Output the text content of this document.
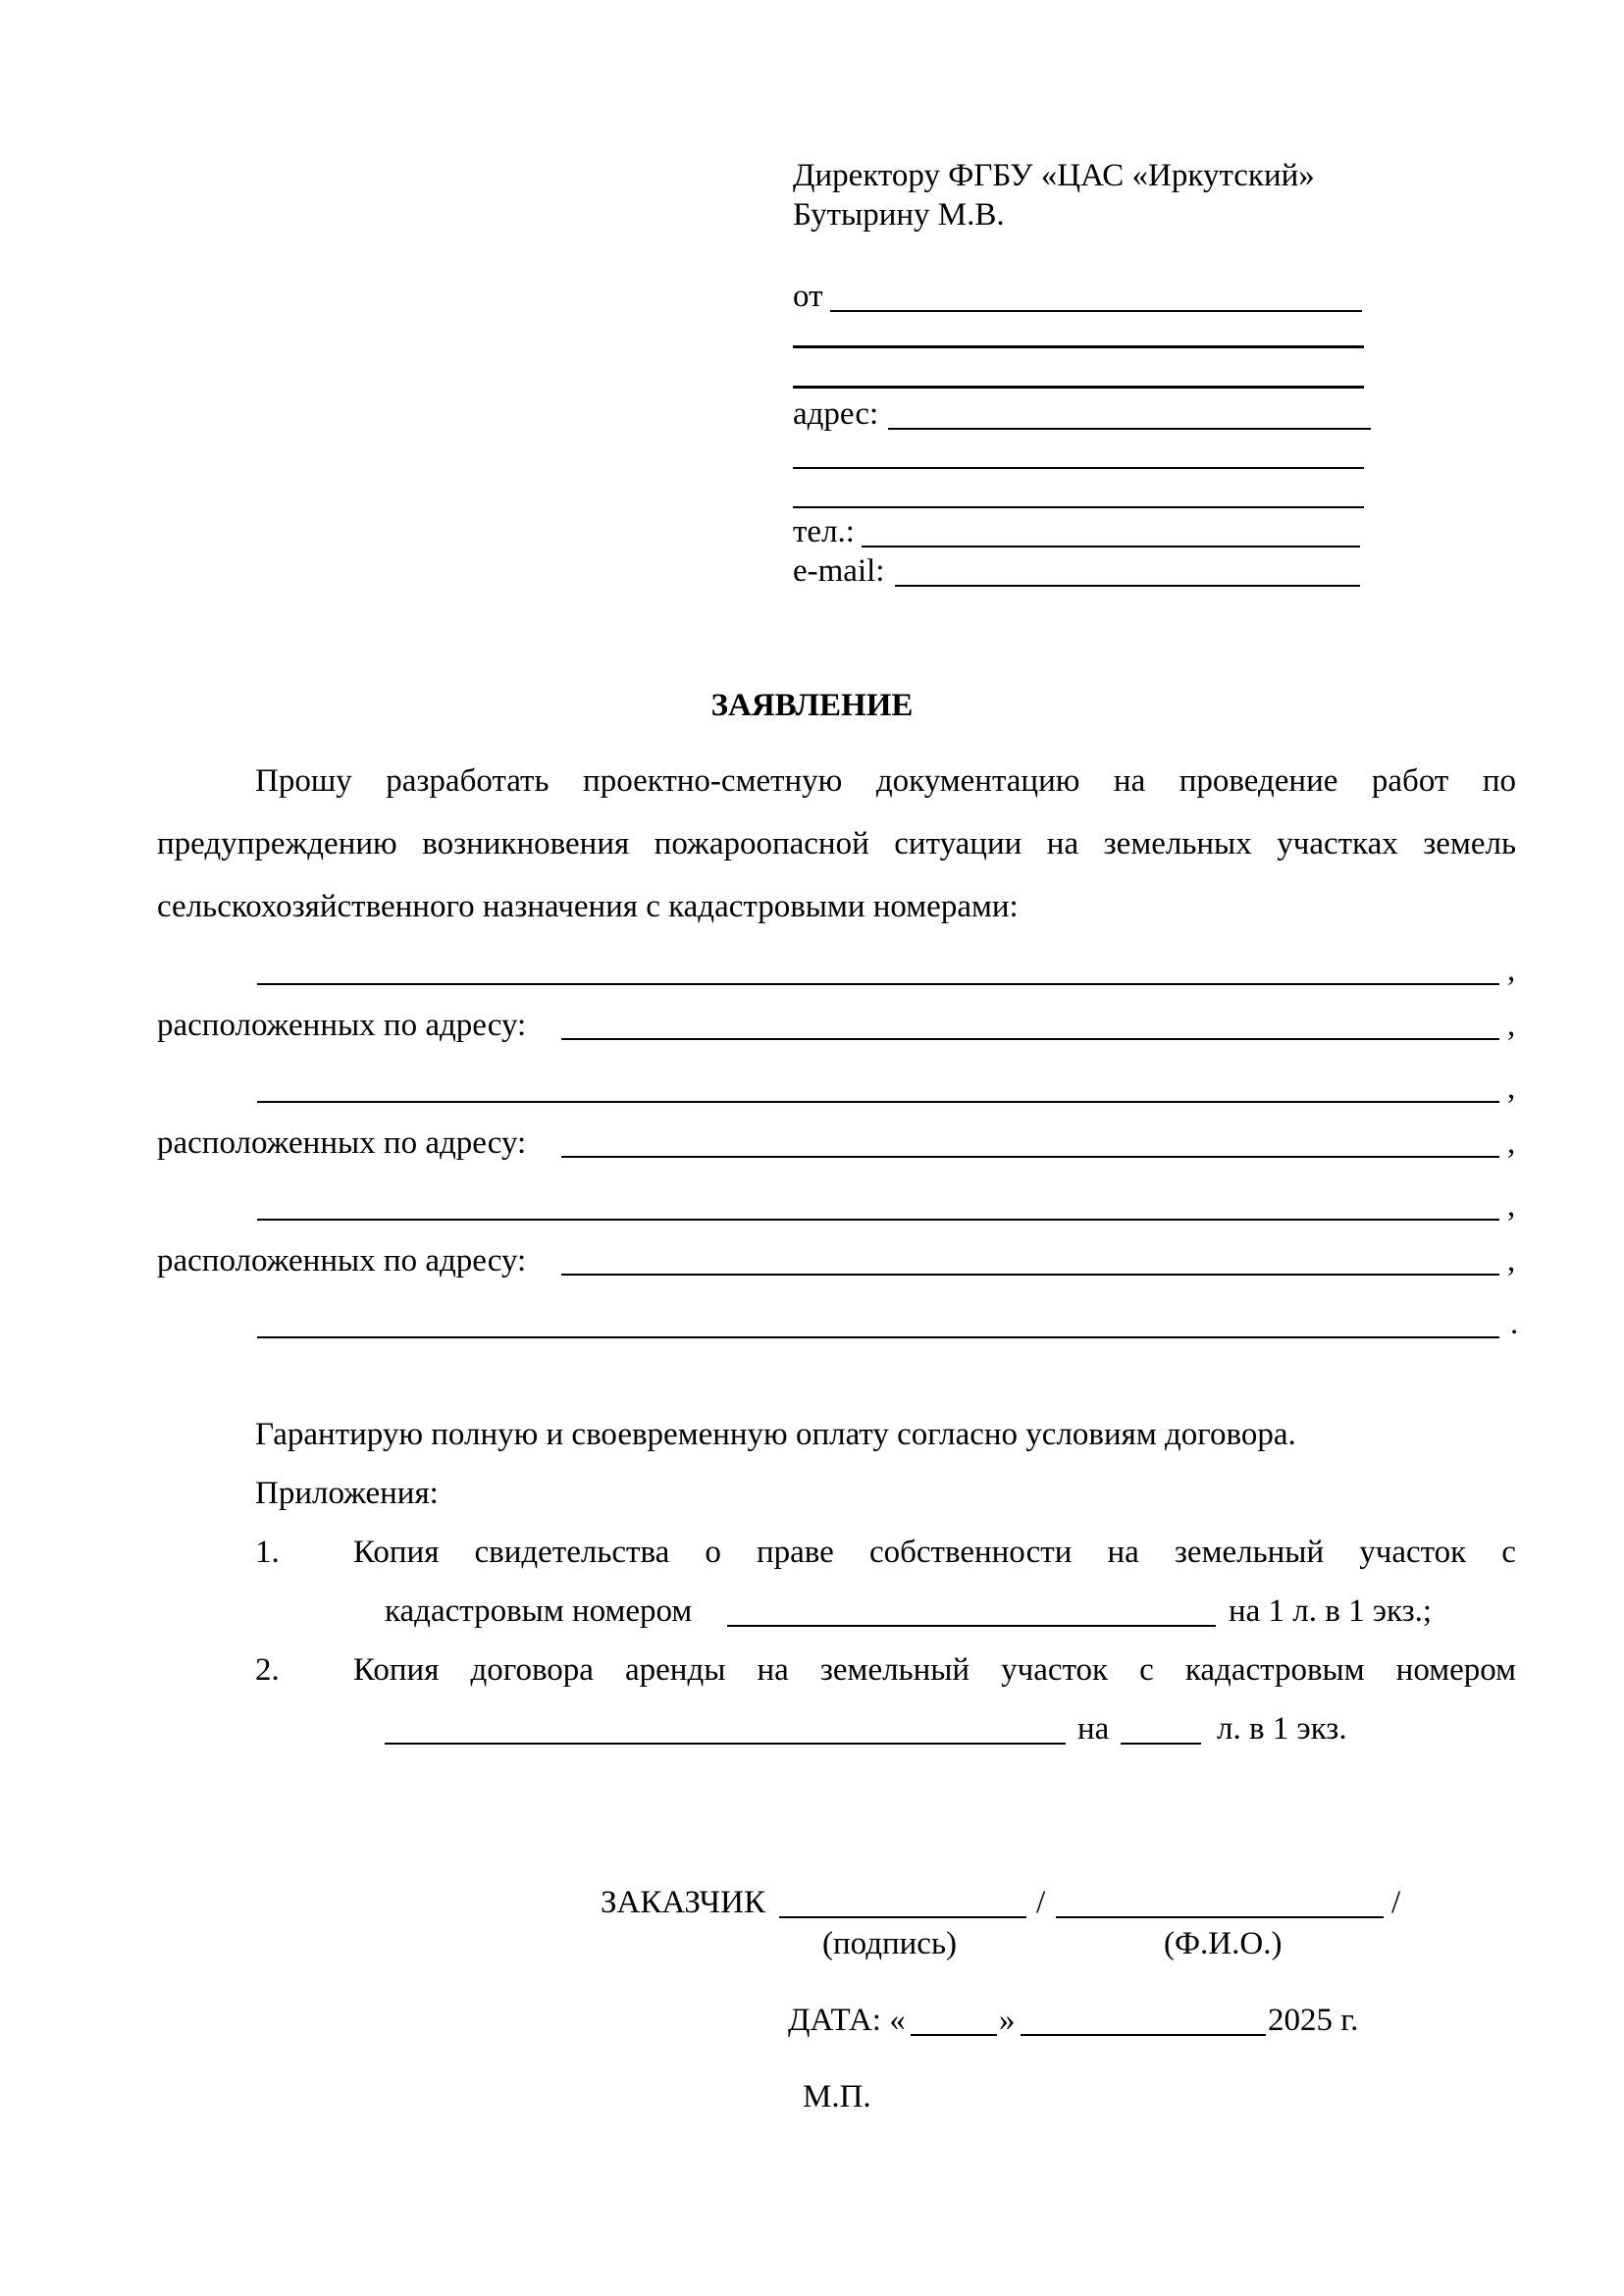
Директору ФГБУ «ЦАС «Иркутский»
Бутырину М.В.
от
адрес:
тел.:
e-mail:
ЗАЯВЛЕНИЕ
Прошу разработать проектно-сметную документацию на проведение работ по предупреждению возникновения пожароопасной ситуации на земельных участках земель сельскохозяйственного назначения с кадастровыми номерами:
,
расположенных по адресу:	,
,
расположенных по адресу:	,
,
расположенных по адресу:	,
.
Гарантирую полную и своевременную оплату согласно условиям договора.
Приложения:
1. Копия свидетельства о праве собственности на земельный участок с
кадастровым номером	на 1 л. в 1 экз.;
2. Копия договора аренды на земельный участок с кадастровым номером
на	л. в 1 экз.
ЗАКАЗЧИК	/	/
(подпись)	(Ф.И.О.)
ДАТА: «	»	2025 г.
М.П.
